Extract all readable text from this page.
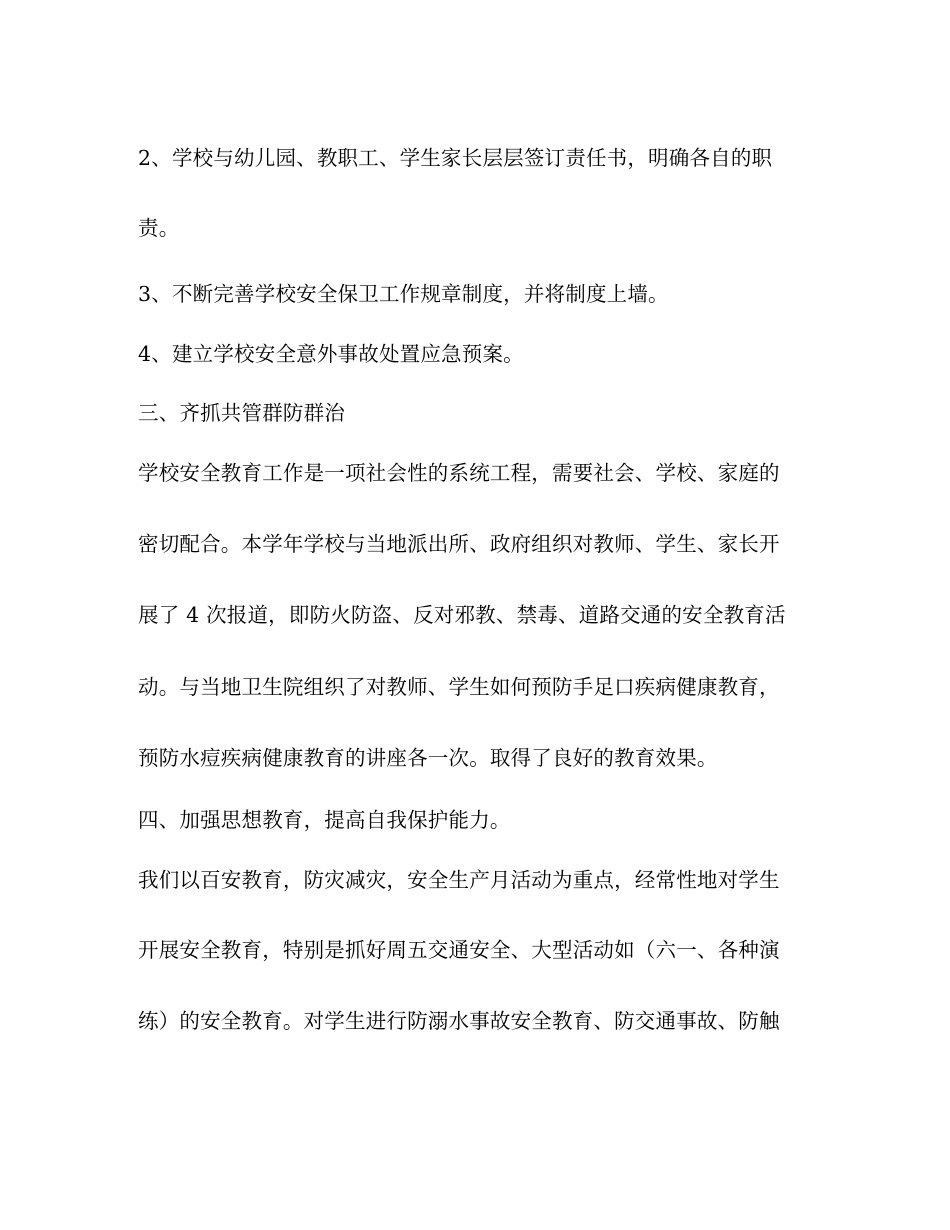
2、学校与幼儿园、教职工、学生家长层层签订责任书，明确各自的职
责。
3、不断完善学校安全保卫工作规章制度，并将制度上墙。
4、建立学校安全意外事故处置应急预案。
三、齐抓共管群防群治
学校安全教育工作是一项社会性的系统工程，需要社会、学校、家庭的
密切配合。本学年学校与当地派出所、政府组织对教师、学生、家长开
展了 4 次报道，即防火防盗、反对邪教、禁毒、道路交通的安全教育活
动。与当地卫生院组织了对教师、学生如何预防手足口疾病健康教育，
预防水痘疾病健康教育的讲座各一次。取得了良好的教育效果。
四、加强思想教育，提高自我保护能力。
我们以百安教育，防灾减灾，安全生产月活动为重点，经常性地对学生
开展安全教育，特别是抓好周五交通安全、大型活动如（六一、各种演
练）的安全教育。对学生进行防溺水事故安全教育、防交通事故、防触
